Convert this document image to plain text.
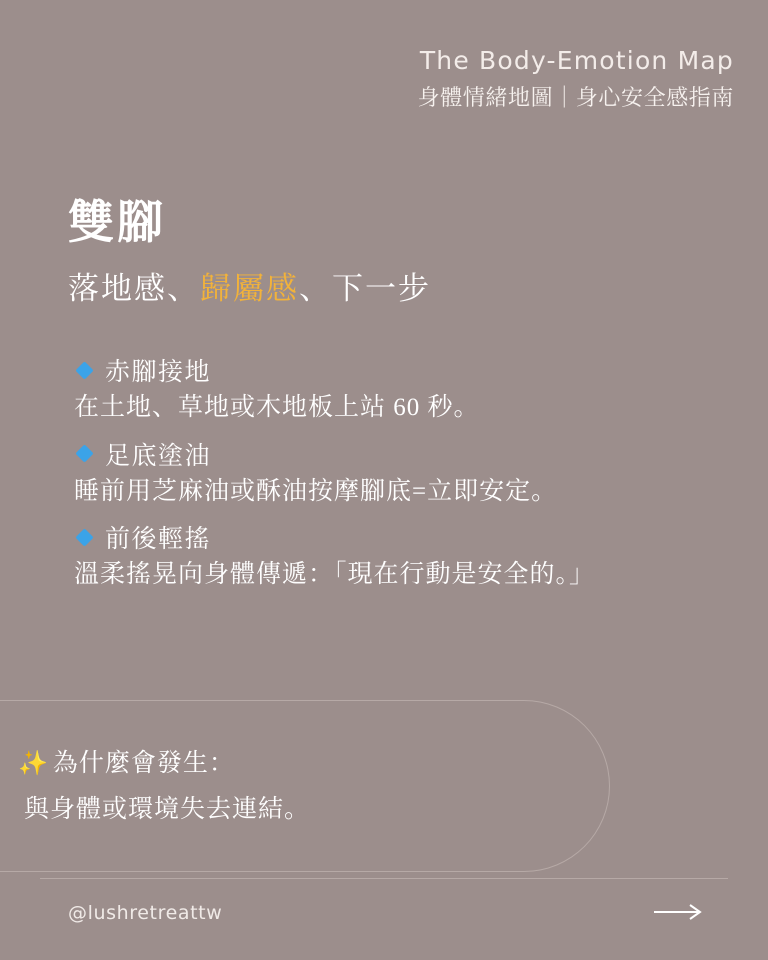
The Body-Emotion Map
身體情緒地圖｜身心安全感指南
雙腳
落地感、歸屬感、下一步
赤腳接地
在土地、草地或木地板上站 60 秒。
足底塗油
睡前用芝麻油或酥油按摩腳底=立即安定。
前後輕搖
溫柔搖晃向身體傳遞：「現在行動是安全的。」
✨ 為什麼會發生：
與身體或環境失去連結。
@lushretreattw
